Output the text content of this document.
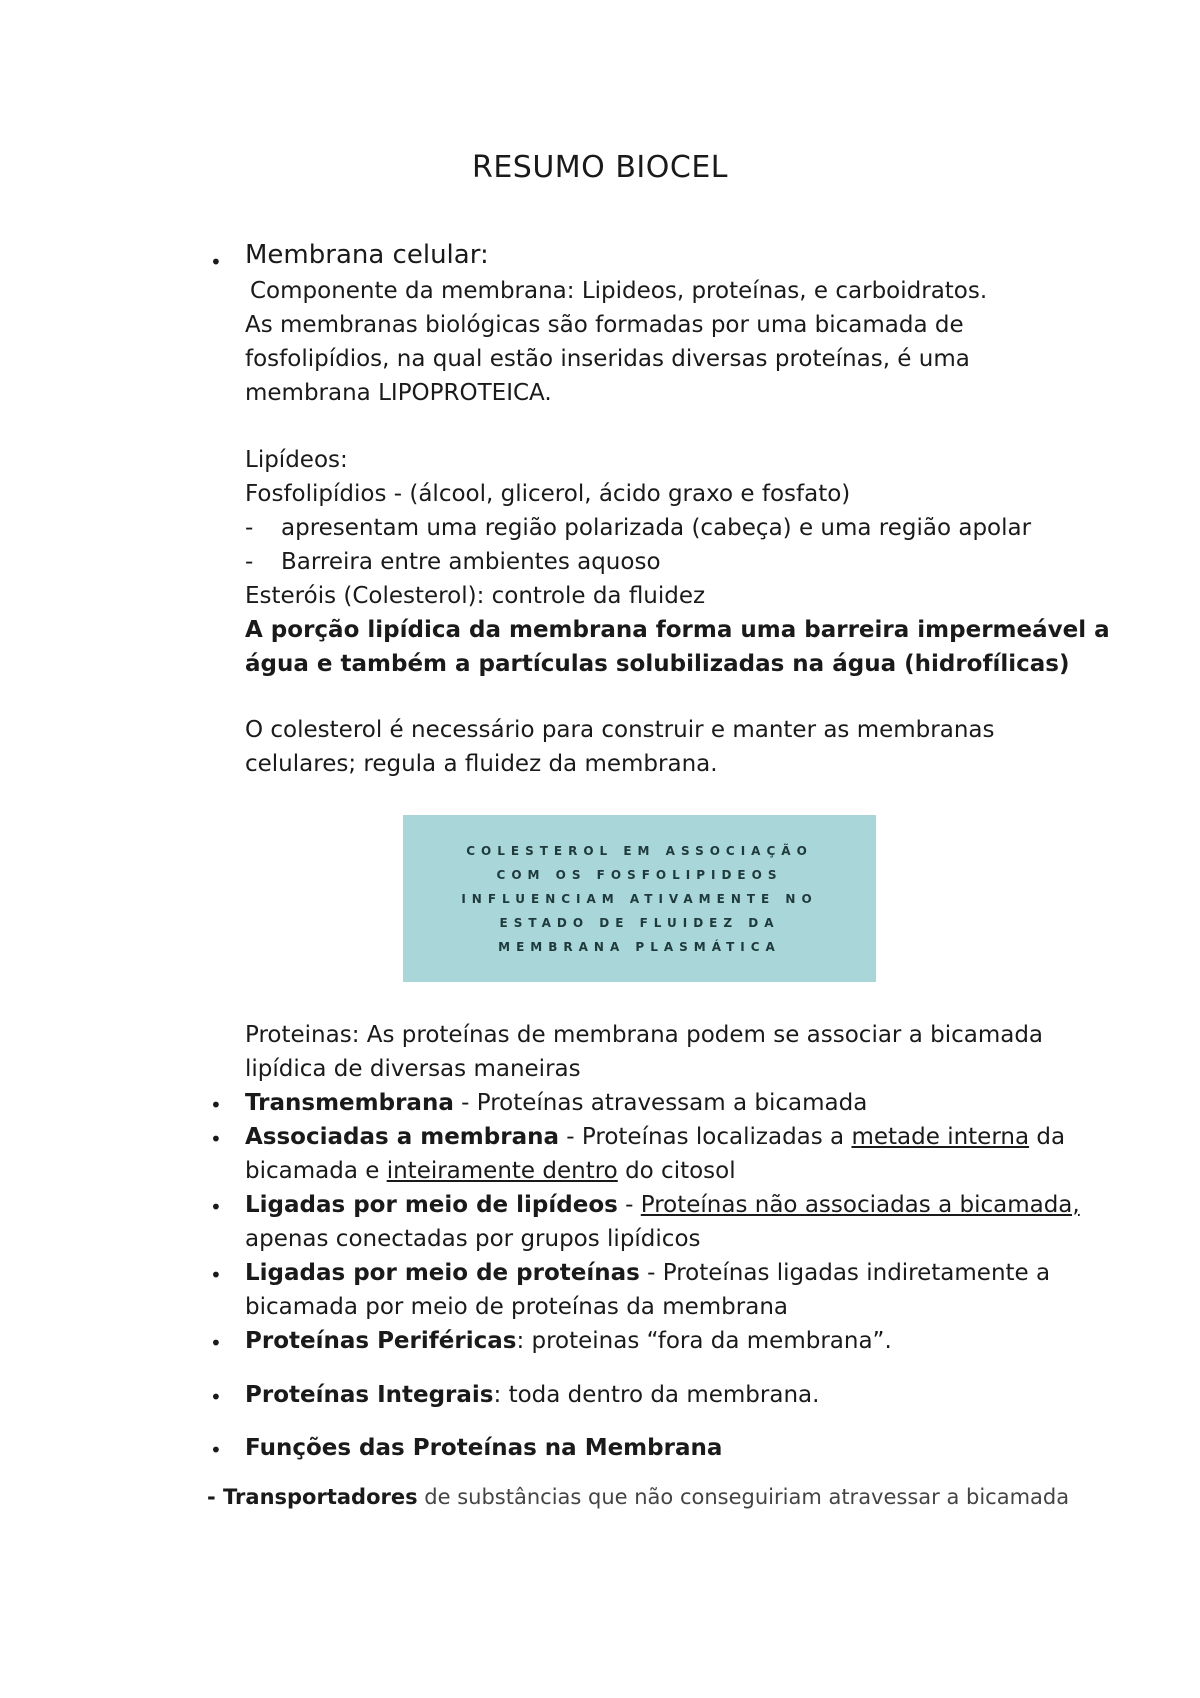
RESUMO BIOCEL
• Membrana celular:
Componente da membrana: Lipideos, proteínas, e carboidratos.
As membranas biológicas são formadas por uma bicamada de
fosfolipídios, na qual estão inseridas diversas proteínas, é uma
membrana LIPOPROTEICA.
Lipídeos:
Fosfolipídios - (álcool, glicerol, ácido graxo e fosfato)
- apresentam uma região polarizada (cabeça) e uma região apolar
- Barreira entre ambientes aquoso
Esteróis (Colesterol): controle da fluidez
A porção lipídica da membrana forma uma barreira impermeável a
água e também a partículas solubilizadas na água (hidrofílicas)
O colesterol é necessário para construir e manter as membranas
celulares; regula a fluidez da membrana.
COLESTEROL EM ASSOCIAÇÃO COM OS FOSFOLIPIDEOS INFLUENCIAM ATIVAMENTE NO ESTADO DE FLUIDEZ DA MEMBRANA PLASMÁTICA
Proteinas: As proteínas de membrana podem se associar a bicamada
lipídica de diversas maneiras
• Transmembrana - Proteínas atravessam a bicamada
• Associadas a membrana - Proteínas localizadas a metade interna da
bicamada e inteiramente dentro do citosol
• Ligadas por meio de lipídeos - Proteínas não associadas a bicamada,
apenas conectadas por grupos lipídicos
• Ligadas por meio de proteínas - Proteínas ligadas indiretamente a
bicamada por meio de proteínas da membrana
• Proteínas Periféricas: proteinas “fora da membrana”.
• Proteínas Integrais: toda dentro da membrana.
• Funções das Proteínas na Membrana
- Transportadores de substâncias que não conseguiriam atravessar a bicamada
